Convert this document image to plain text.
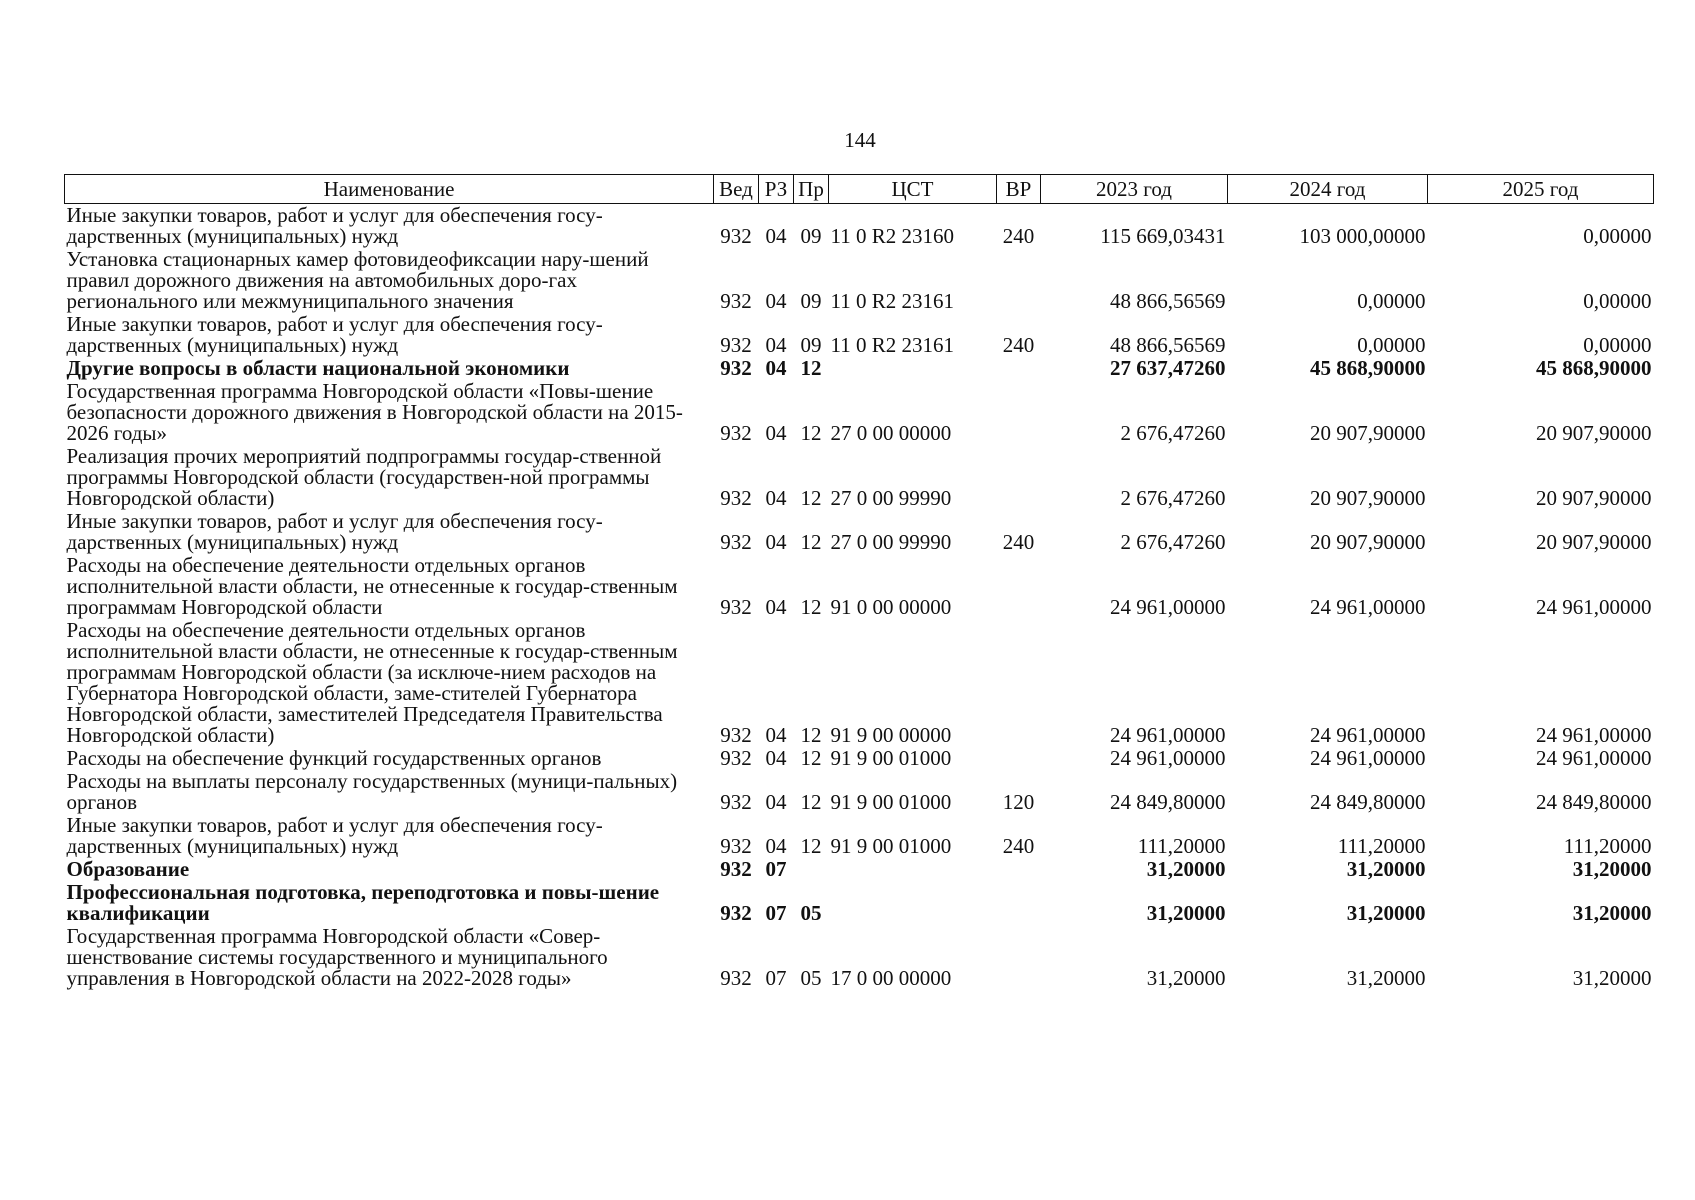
144
Наименование	Вед	РЗ	Пр	ЦСТ	ВР	2023 год	2024 год	2025 год
Иные закупки товаров, работ и услуг для обеспечения госу-дарственных (муниципальных) нужд	932	04	09	11 0 R2 23160	240	115 669,03431	103 000,00000	0,00000
Установка стационарных камер фотовидеофиксации нару-шений правил дорожного движения на автомобильных доро-гах регионального или межмуниципального значения	932	04	09	11 0 R2 23161		48 866,56569	0,00000	0,00000
Иные закупки товаров, работ и услуг для обеспечения госу-дарственных (муниципальных) нужд	932	04	09	11 0 R2 23161	240	48 866,56569	0,00000	0,00000
Другие вопросы в области национальной экономики	932	04	12			27 637,47260	45 868,90000	45 868,90000
Государственная программа Новгородской области «Повы-шение безопасности дорожного движения в Новгородской области на 2015-2026 годы»	932	04	12	27 0 00 00000		2 676,47260	20 907,90000	20 907,90000
Реализация прочих мероприятий подпрограммы государ-ственной программы Новгородской области (государствен-ной программы Новгородской области)	932	04	12	27 0 00 99990		2 676,47260	20 907,90000	20 907,90000
Иные закупки товаров, работ и услуг для обеспечения госу-дарственных (муниципальных) нужд	932	04	12	27 0 00 99990	240	2 676,47260	20 907,90000	20 907,90000
Расходы на обеспечение деятельности отдельных органов исполнительной власти области, не отнесенные к государ-ственным программам Новгородской области	932	04	12	91 0 00 00000		24 961,00000	24 961,00000	24 961,00000
Расходы на обеспечение деятельности отдельных органов исполнительной власти области, не отнесенные к государ-ственным программам Новгородской области (за исключе-нием расходов на Губернатора Новгородской области, заме-стителей Губернатора Новгородской области, заместителей Председателя Правительства Новгородской области)	932	04	12	91 9 00 00000		24 961,00000	24 961,00000	24 961,00000
Расходы на обеспечение функций государственных органов	932	04	12	91 9 00 01000		24 961,00000	24 961,00000	24 961,00000
Расходы на выплаты персоналу государственных (муници-пальных) органов	932	04	12	91 9 00 01000	120	24 849,80000	24 849,80000	24 849,80000
Иные закупки товаров, работ и услуг для обеспечения госу-дарственных (муниципальных) нужд	932	04	12	91 9 00 01000	240	111,20000	111,20000	111,20000
Образование	932	07				31,20000	31,20000	31,20000
Профессиональная подготовка, переподготовка и повы-шение квалификации	932	07	05			31,20000	31,20000	31,20000
Государственная программа Новгородской области «Совер-шенствование системы государственного и муниципального управления в Новгородской области на 2022-2028 годы»	932	07	05	17 0 00 00000		31,20000	31,20000	31,20000
